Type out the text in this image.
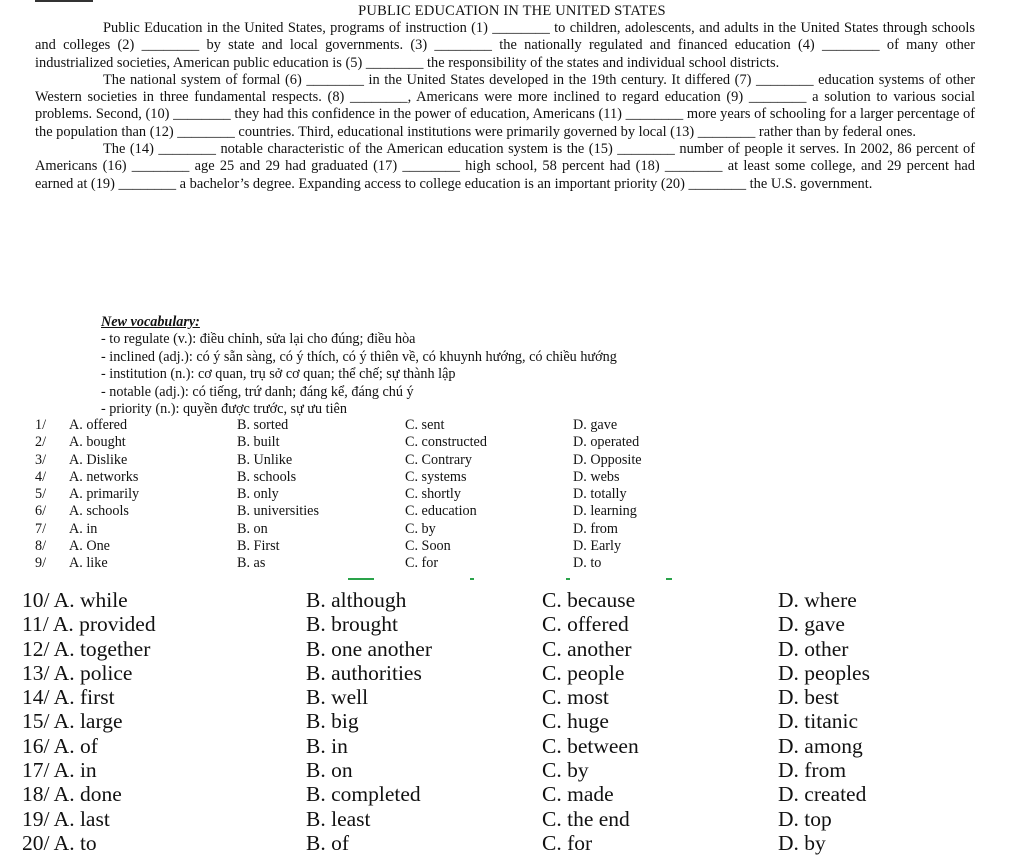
PUBLIC EDUCATION IN THE UNITED STATES

Public Education in the United States, programs of instruction (1) ________ to children, adolescents, and adults in the United States through schools and colleges (2) ________ by state and local governments. (3) ________ the nationally regulated and financed education (4) ________ of many other industrialized societies, American public education is (5) ________ the responsibility of the states and individual school districts.

The national system of formal (6) ________ in the United States developed in the 19th century. It differed (7) ________ education systems of other Western societies in three fundamental respects. (8) ________, Americans were more inclined to regard education (9) ________ a solution to various social problems. Second, (10) ________ they had this confidence in the power of education, Americans (11) ________ more years of schooling for a larger percentage of the population than (12) ________ countries. Third, educational institutions were primarily governed by local (13) ________ rather than by federal ones.

The (14) ________ notable characteristic of the American education system is the (15) ________ number of people it serves. In 2002, 86 percent of Americans (16) ________ age 25 and 29 had graduated (17) ________ high school, 58 percent had (18) ________ at least some college, and 29 percent had earned at (19) ________ a bachelor’s degree. Expanding access to college education is an important priority (20) ________ the U.S. government.

New vocabulary:
- to regulate (v.): điều chỉnh, sửa lại cho đúng; điều hòa
- inclined (adj.): có ý sẵn sàng, có ý thích, có ý thiên về, có khuynh hướng, có chiều hướng
- institution (n.): cơ quan, trụ sở cơ quan; thể chế; sự thành lập
- notable (adj.): có tiếng, trứ danh; đáng kể, đáng chú ý
- priority (n.): quyền được trước, sự ưu tiên
1/	A. offered	B. sorted	C. sent	D. gave
2/	A. bought	B. built	C. constructed	D. operated
3/	A. Dislike	B. Unlike	C. Contrary	D. Opposite
4/	A. networks	B. schools	C. systems	D. webs
5/	A. primarily	B. only	C. shortly	D. totally
6/	A. schools	B. universities	C. education	D. learning
7/	A. in	B. on	C. by	D. from
8/	A. One	B. First	C. Soon	D. Early
9/	A. like	B. as	C. for	D. to
10/ A. while	B. although	C. because	D. where
11/ A. provided	B. brought	C. offered	D. gave
12/ A. together	B. one another	C. another	D. other
13/ A. police	B. authorities	C. people	D. peoples
14/ A. first	B. well	C. most	D. best
15/ A. large	B. big	C. huge	D. titanic
16/ A. of	B. in	C. between	D. among
17/ A. in	B. on	C. by	D. from
18/ A. done	B. completed	C. made	D. created
19/ A. last	B. least	C. the end	D. top
20/ A. to	B. of	C. for	D. by
